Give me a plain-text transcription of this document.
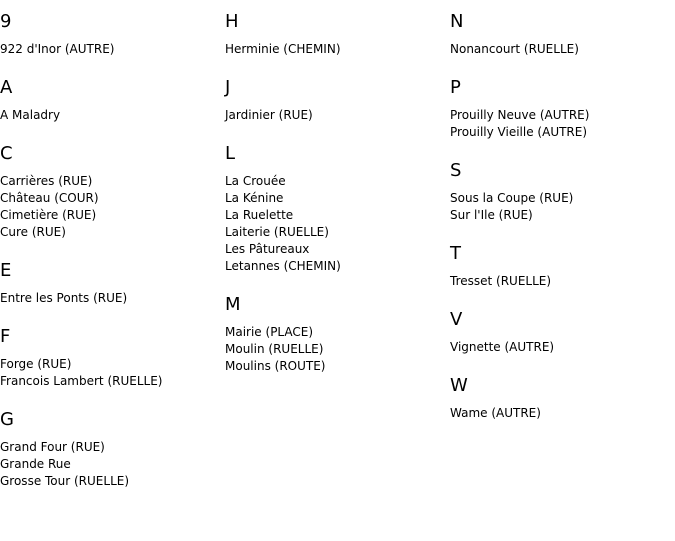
9
922 d'Inor (AUTRE)
A
A Maladry
C
Carrières (RUE)
Château (COUR)
Cimetière (RUE)
Cure (RUE)
E
Entre les Ponts (RUE)
F
Forge (RUE)
Francois Lambert (RUELLE)
G
Grand Four (RUE)
Grande Rue
Grosse Tour (RUELLE)
H
Herminie (CHEMIN)
J
Jardinier (RUE)
L
La Crouée
La Kénine
La Ruelette
Laiterie (RUELLE)
Les Pâtureaux
Letannes (CHEMIN)
M
Mairie (PLACE)
Moulin (RUELLE)
Moulins (ROUTE)
N
Nonancourt (RUELLE)
P
Prouilly Neuve (AUTRE)
Prouilly Vieille (AUTRE)
S
Sous la Coupe (RUE)
Sur l'Ile (RUE)
T
Tresset (RUELLE)
V
Vignette (AUTRE)
W
Wame (AUTRE)
